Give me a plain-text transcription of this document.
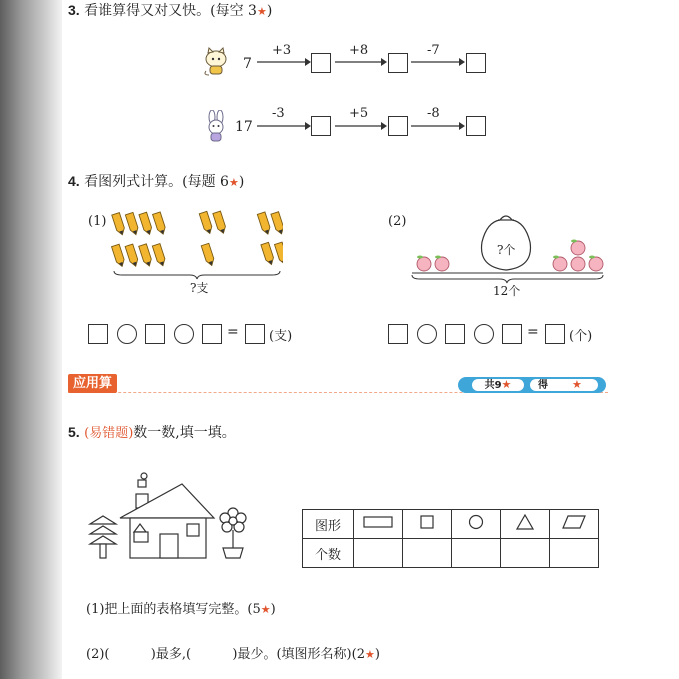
3. 看谁算得又对又快。(每空 3★)
7
+3	+8	-7
17
-3	+5	-8
4. 看图列式计算。(每题 6★)
(1)
?支
(2)
?个
12个
= (支)	= (个)
应用算	共9★	得 ★
5. (易错题)数一数,填一填。
图形					
个数					
(1)把上面的表格填写完整。(5★)
(2)(          )最多,(          )最少。(填图形名称)(2★)
